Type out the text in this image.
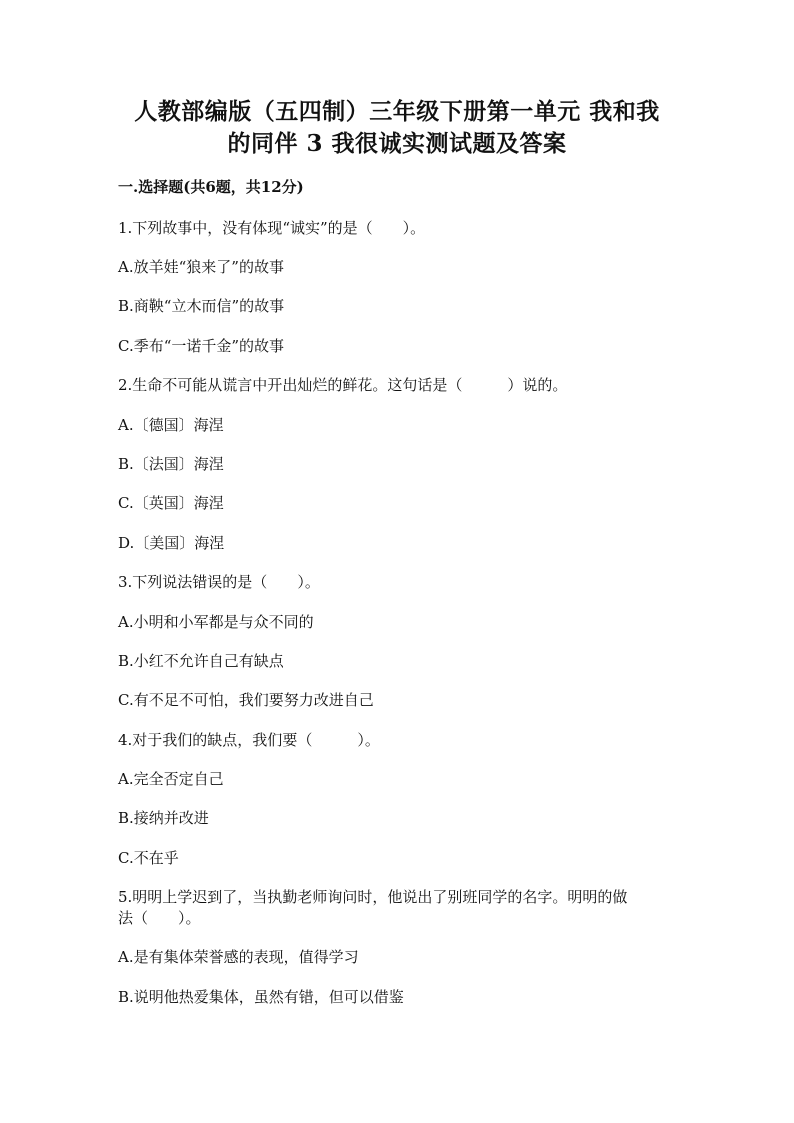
人教部编版（五四制）三年级下册第一单元 我和我
的同伴 3 我很诚实测试题及答案
一.选择题(共6题，共12分)
1.下列故事中，没有体现“诚实”的是（　　）。
A.放羊娃“狼来了”的故事
B.商鞅“立木而信”的故事
C.季布“一诺千金”的故事
2.生命不可能从谎言中开出灿烂的鲜花。这句话是（　　　）说的。
A.〔德国〕海涅
B.〔法国〕海涅
C.〔英国〕海涅
D.〔美国〕海涅
3.下列说法错误的是（　　）。
A.小明和小军都是与众不同的
B.小红不允许自己有缺点
C.有不足不可怕，我们要努力改进自己
4.对于我们的缺点，我们要（　　　）。
A.完全否定自己
B.接纳并改进
C.不在乎
5.明明上学迟到了，当执勤老师询问时，他说出了别班同学的名字。明明的做
法（　　）。
A.是有集体荣誉感的表现，值得学习
B.说明他热爱集体，虽然有错，但可以借鉴
